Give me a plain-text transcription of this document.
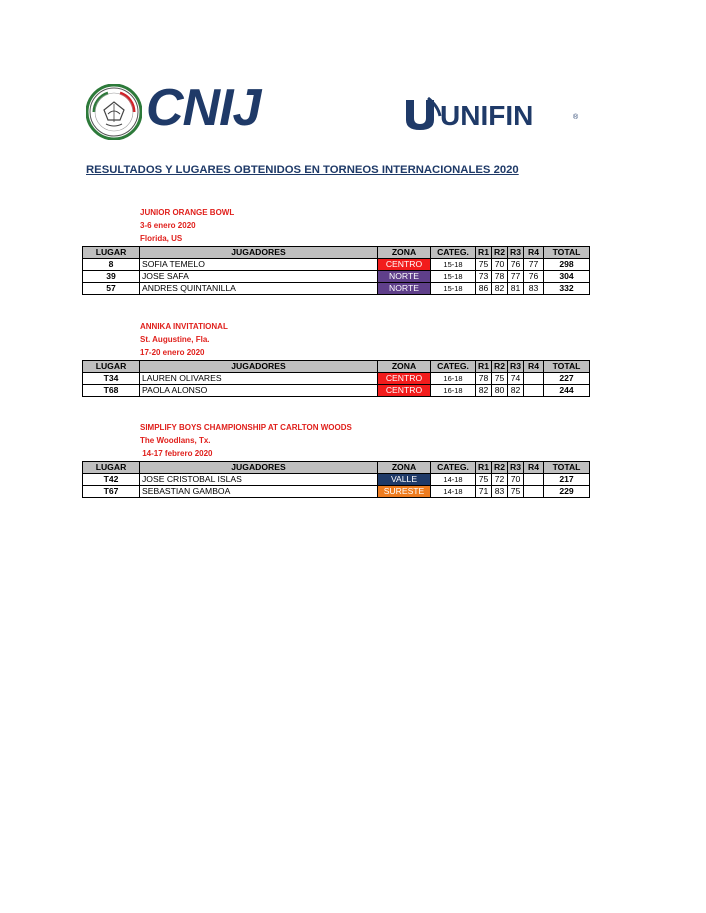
CNIJ	UNIFIN	®
RESULTADOS Y LUGARES OBTENIDOS EN TORNEOS INTERNACIONALES 2020
JUNIOR ORANGE BOWL
3-6 enero 2020
Florida, US
LUGAR	JUGADORES	ZONA	CATEG.	R1	R2	R3	R4	TOTAL
8	SOFIA TEMELO	CENTRO	15-18	75	70	76	77	298
39	JOSE SAFA	NORTE	15-18	73	78	77	76	304
57	ANDRES QUINTANILLA	NORTE	15-18	86	82	81	83	332
ANNIKA INVITATIONAL
St. Augustine, Fla.
17-20 enero 2020
LUGAR	JUGADORES	ZONA	CATEG.	R1	R2	R3	R4	TOTAL
T34	LAUREN OLIVARES	CENTRO	16-18	78	75	74		227
T68	PAOLA ALONSO	CENTRO	16-18	82	80	82		244
SIMPLIFY BOYS CHAMPIONSHIP AT CARLTON WOODS
The Woodlans, Tx.
14-17 febrero 2020
LUGAR	JUGADORES	ZONA	CATEG.	R1	R2	R3	R4	TOTAL
T42	JOSE CRISTOBAL ISLAS	VALLE	14-18	75	72	70		217
T67	SEBASTIAN GAMBOA	SURESTE	14-18	71	83	75		229
